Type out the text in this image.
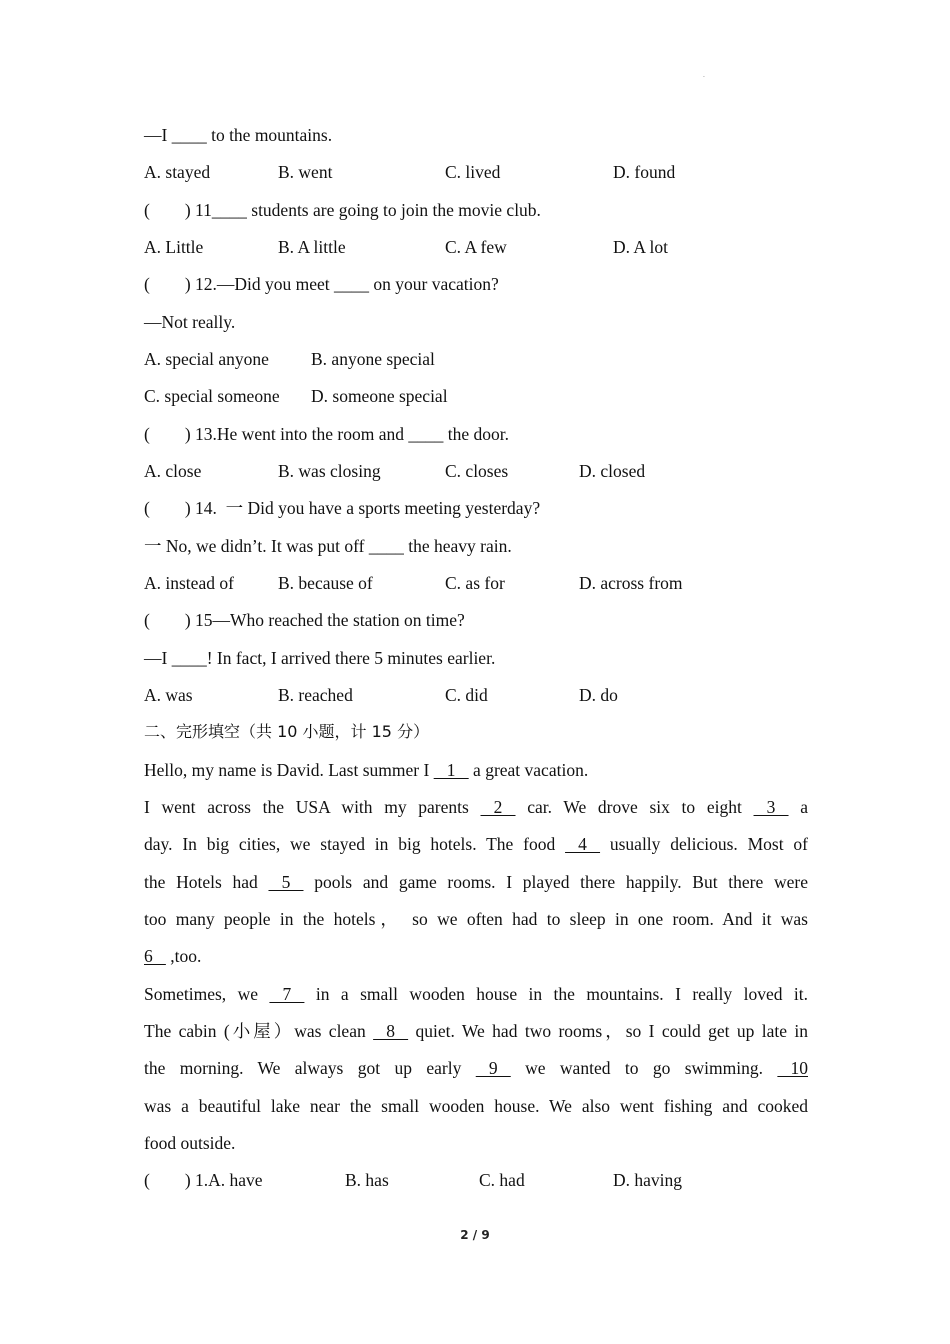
.
—I ____ to the mountains.
A. stayed	B. went	C. lived	D. found
(        ) 11____ students are going to join the movie club.
A. Little	B. A little	C. A few	D. A lot
(        ) 12.—Did you meet ____ on your vacation?
—Not really.
A. special anyone B. anyone special
C. special someone D. someone special
(        ) 13.He went into the room and ____ the door.
A. close	B. was closing	C. closes	D. closed
(        ) 14.  一 Did you have a sports meeting yesterday?
一 No, we didn’t. It was put off ____ the heavy rain.
A. instead of	B. because of	C. as for	D. across from
(        ) 15—Who reached the station on time?
—I ____! In fact, I arrived there 5 minutes earlier.
A. was	B. reached	C. did	D. do
二、完形填空（共 10 小题，计 15 分）
Hello, my name is David. Last summer I    1    a great vacation.
I went across the USA with my parents    2    car. We drove six to eight    3    a
day. In big cities, we stayed in big hotels. The food    4    usually delicious. Most of
the Hotels had    5    pools and game rooms. I played there happily. But there were
too many people in the hotels， so we often had to sleep in one room. And it was
6    ,too.
Sometimes, we    7    in a small wooden house in the mountains. I really loved it.
The cabin (小屋）was clean    8    quiet. We had two rooms，so I could get up late in
the morning. We always got up early    9    we wanted to go swimming.    10
was a beautiful lake near the small wooden house. We also went fishing and cooked
food outside.
(        ) 1.A. have	B. has	C. had	D. having
2 / 9
